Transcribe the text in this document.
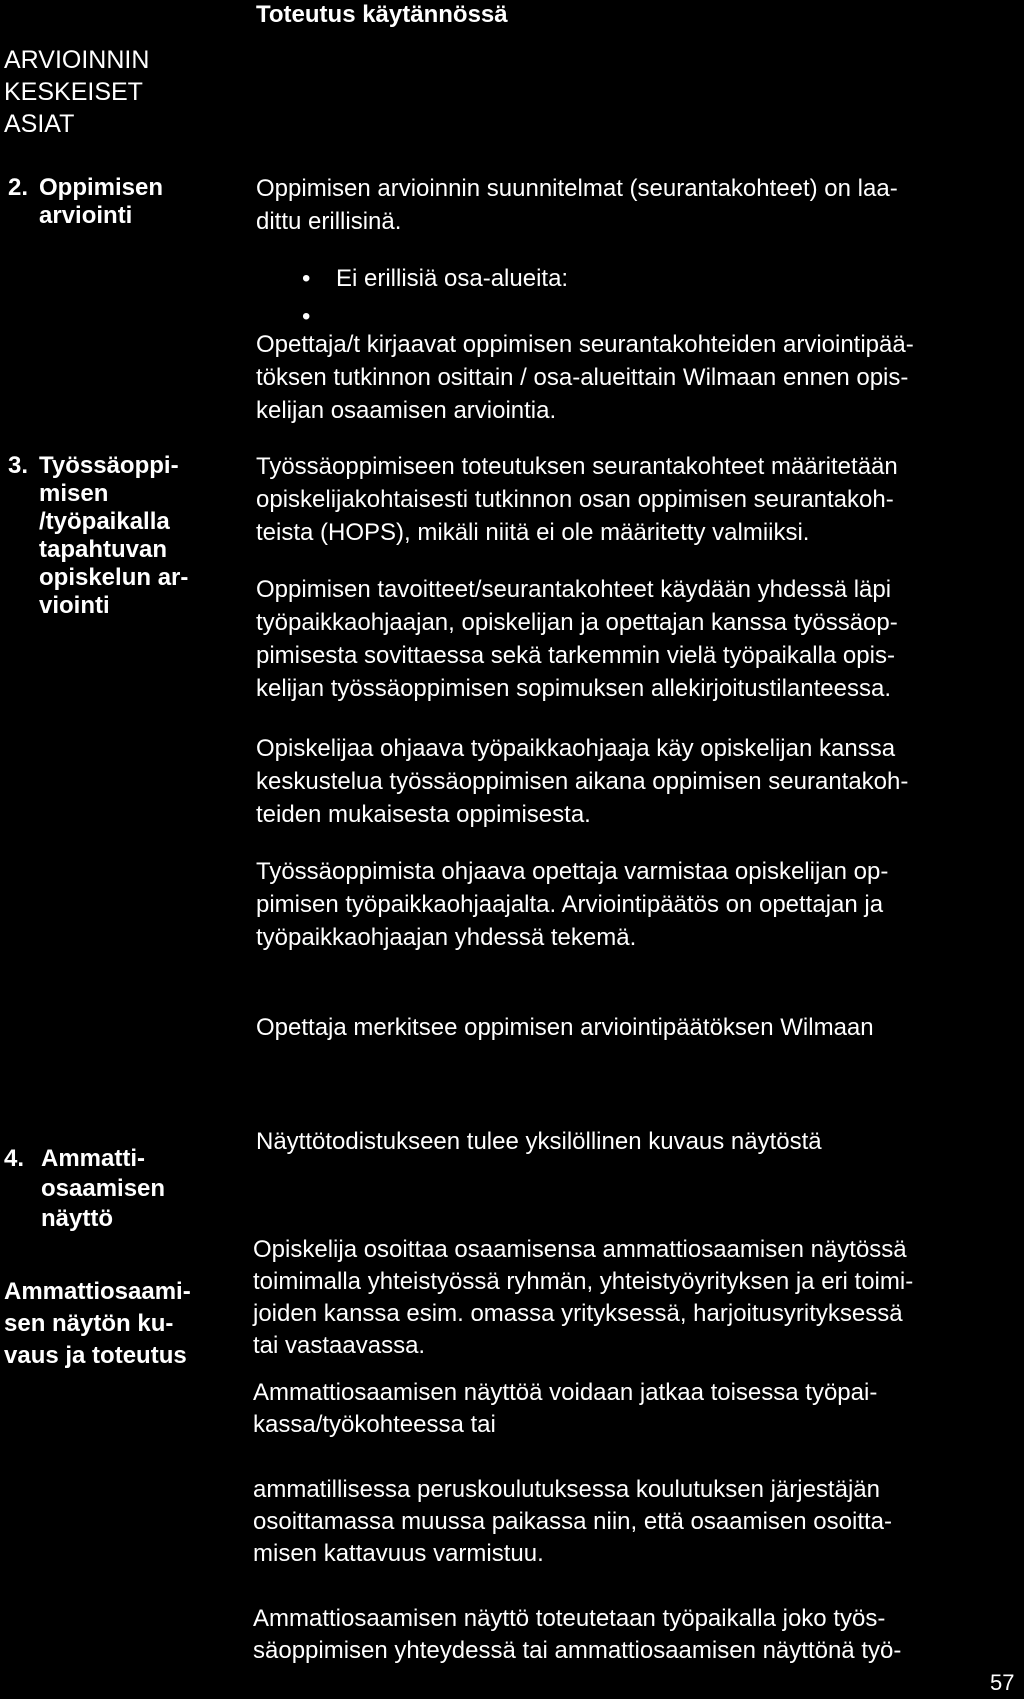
Toteutus käytännössä
ARVIOINNIN
KESKEISET
ASIAT
2. Oppimisen
arviointi
3. Työssäoppi-
misen
/työpaikalla
tapahtuvan
opiskelun ar-
viointi
4. Ammatti-
osaamisen
näyttö
Ammattiosaami-
sen näytön ku-
vaus ja toteutus
Oppimisen arvioinnin suunnitelmat (seurantakohteet) on laa-
dittu erillisinä.
•	Ei erillisiä osa-alueita:
•
Opettaja/t kirjaavat oppimisen seurantakohteiden arviointipää-
töksen tutkinnon osittain / osa-alueittain Wilmaan ennen opis-
kelijan osaamisen arviointia.
Työssäoppimiseen toteutuksen seurantakohteet määritetään
opiskelijakohtaisesti tutkinnon osan oppimisen seurantakoh-
teista (HOPS), mikäli niitä ei ole määritetty valmiiksi.
Oppimisen tavoitteet/seurantakohteet käydään yhdessä läpi
työpaikkaohjaajan, opiskelijan ja opettajan kanssa työssäop-
pimisesta sovittaessa sekä tarkemmin vielä työpaikalla opis-
kelijan työssäoppimisen sopimuksen allekirjoitustilanteessa.
Opiskelijaa ohjaava työpaikkaohjaaja käy opiskelijan kanssa
keskustelua työssäoppimisen aikana oppimisen seurantakoh-
teiden mukaisesta oppimisesta.
Työssäoppimista ohjaava opettaja varmistaa opiskelijan op-
pimisen työpaikkaohjaajalta. Arviointipäätös on opettajan ja
työpaikkaohjaajan yhdessä tekemä.
Opettaja merkitsee oppimisen arviointipäätöksen Wilmaan
Näyttötodistukseen tulee yksilöllinen kuvaus näytöstä
Opiskelija osoittaa osaamisensa ammattiosaamisen näytössä
toimimalla yhteistyössä ryhmän, yhteistyöyrityksen ja eri toimi-
joiden kanssa esim. omassa yrityksessä, harjoitusyrityksessä
tai vastaavassa.
Ammattiosaamisen näyttöä voidaan jatkaa toisessa työpai-
kassa/työkohteessa tai
ammatillisessa peruskoulutuksessa koulutuksen järjestäjän
osoittamassa muussa paikassa niin, että osaamisen osoitta-
misen kattavuus varmistuu.
Ammattiosaamisen näyttö toteutetaan työpaikalla joko työs-
säoppimisen yhteydessä tai ammattiosaamisen näyttönä työ-
57
